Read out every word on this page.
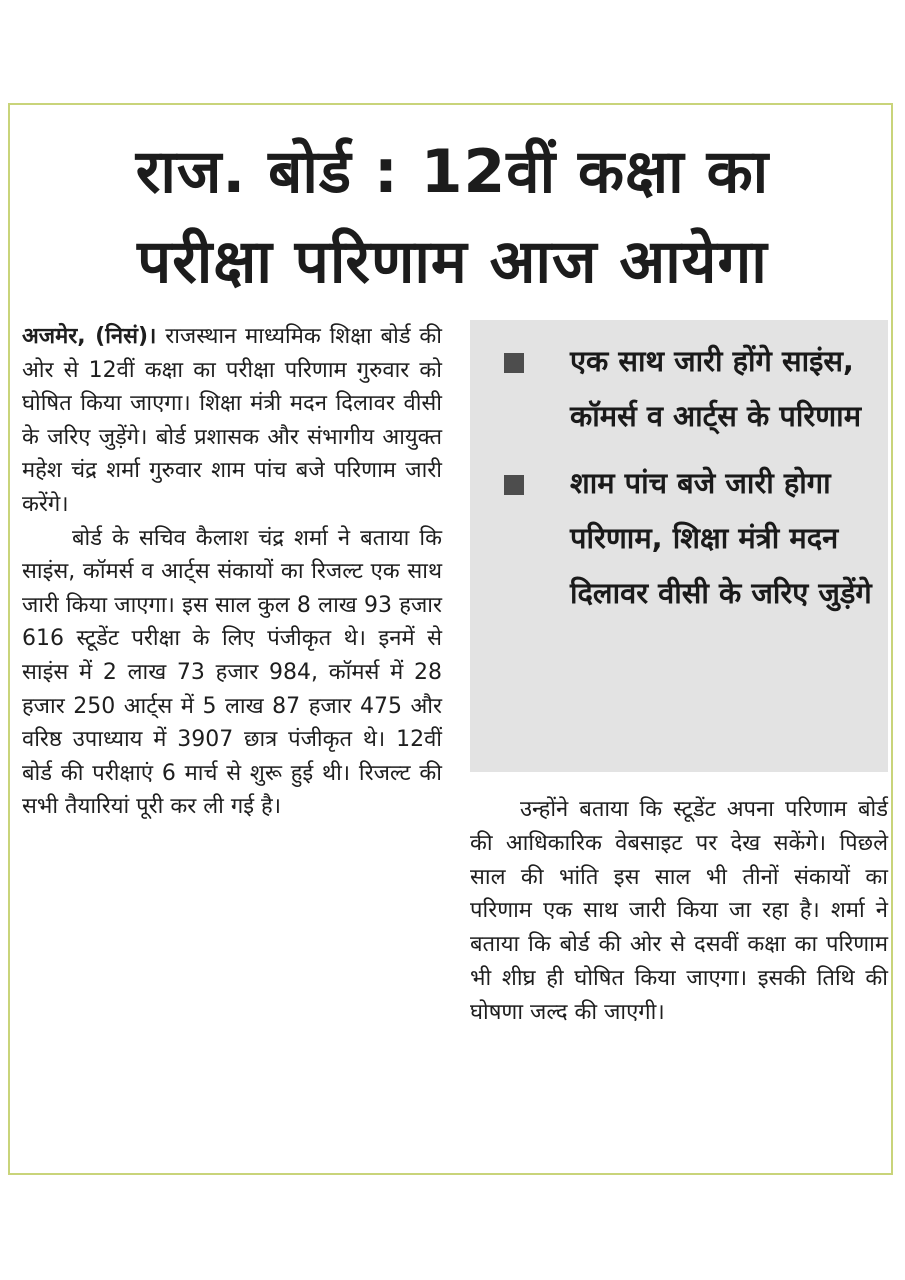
राज. बोर्ड : 12वीं कक्षा का
परीक्षा परिणाम आज आयेगा

अजमेर, (निसं)। राजस्थान माध्यमिक शिक्षा बोर्ड की ओर से 12वीं कक्षा का परीक्षा परिणाम गुरुवार को घोषित किया जाएगा। शिक्षा मंत्री मदन दिलावर वीसी के जरिए जुड़ेंगे। बोर्ड प्रशासक और संभागीय आयुक्त महेश चंद्र शर्मा गुरुवार शाम पांच बजे परिणाम जारी करेंगे।

बोर्ड के सचिव कैलाश चंद्र शर्मा ने बताया कि साइंस, कॉमर्स व आर्ट्स संकायों का रिजल्ट एक साथ जारी किया जाएगा। इस साल कुल 8 लाख 93 हजार 616 स्टूडेंट परीक्षा के लिए पंजीकृत थे। इनमें से साइंस में 2 लाख 73 हजार 984, कॉमर्स में 28 हजार 250 आर्ट्स में 5 लाख 87 हजार 475 और वरिष्ठ उपाध्याय में 3907 छात्र पंजीकृत थे। 12वीं बोर्ड की परीक्षाएं 6 मार्च से शुरू हुई थी। रिजल्ट की सभी तैयारियां पूरी कर ली गई है।

एक साथ जारी होंगे साइंस, कॉमर्स व आर्ट्स के परिणाम
शाम पांच बजे जारी होगा परिणाम, शिक्षा मंत्री मदन दिलावर वीसी के जरिए जुड़ेंगे

उन्होंने बताया कि स्टूडेंट अपना परिणाम बोर्ड की आधिकारिक वेबसाइट पर देख सकेंगे। पिछले साल की भांति इस साल भी तीनों संकायों का परिणाम एक साथ जारी किया जा रहा है। शर्मा ने बताया कि बोर्ड की ओर से दसवीं कक्षा का परिणाम भी शीघ्र ही घोषित किया जाएगा। इसकी तिथि की घोषणा जल्द की जाएगी।
